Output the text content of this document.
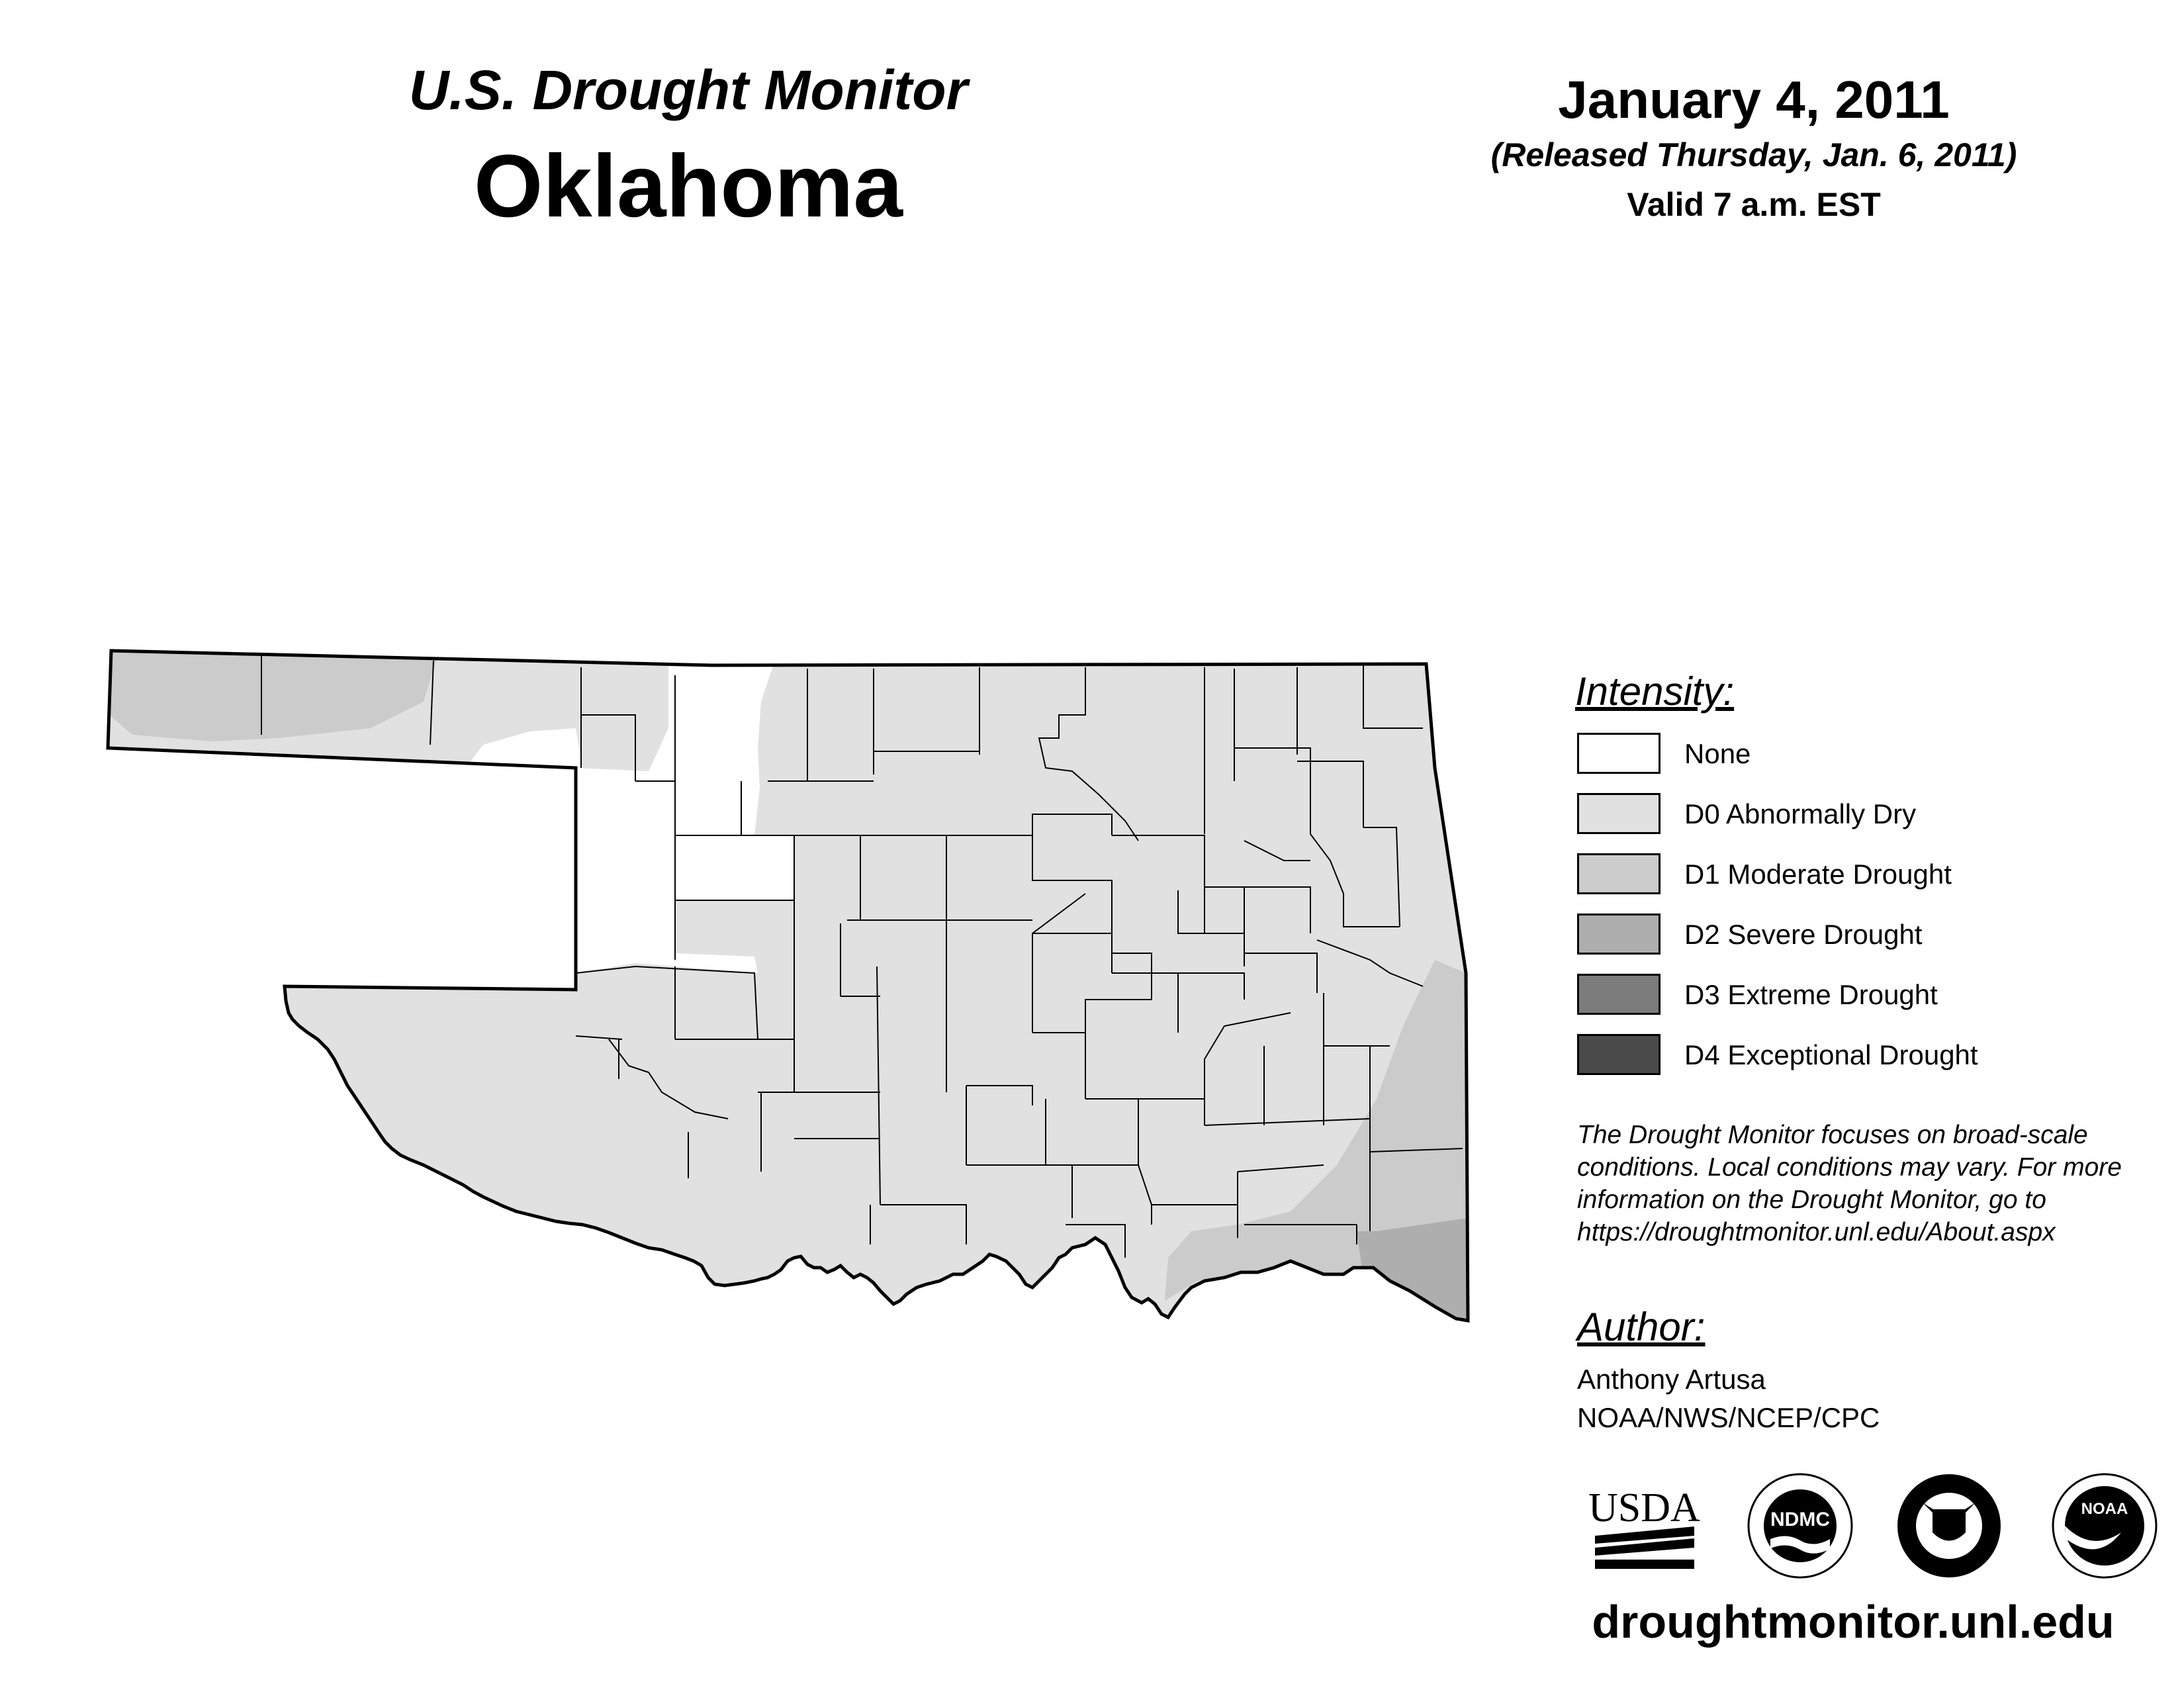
U.S. Drought Monitor
Oklahoma
January 4, 2011
(Released Thursday, Jan. 6, 2011)
Valid 7 a.m. EST
Intensity:
None
D0 Abnormally Dry
D1 Moderate Drought
D2 Severe Drought
D3 Extreme Drought
D4 Exceptional Drought
The Drought Monitor focuses on broad-scale conditions. Local conditions may vary. For more information on the Drought Monitor, go to https://droughtmonitor.unl.edu/About.aspx
Author:
Anthony Artusa
NOAA/NWS/NCEP/CPC
USDA	NDMC	NOAA
droughtmonitor.unl.edu
